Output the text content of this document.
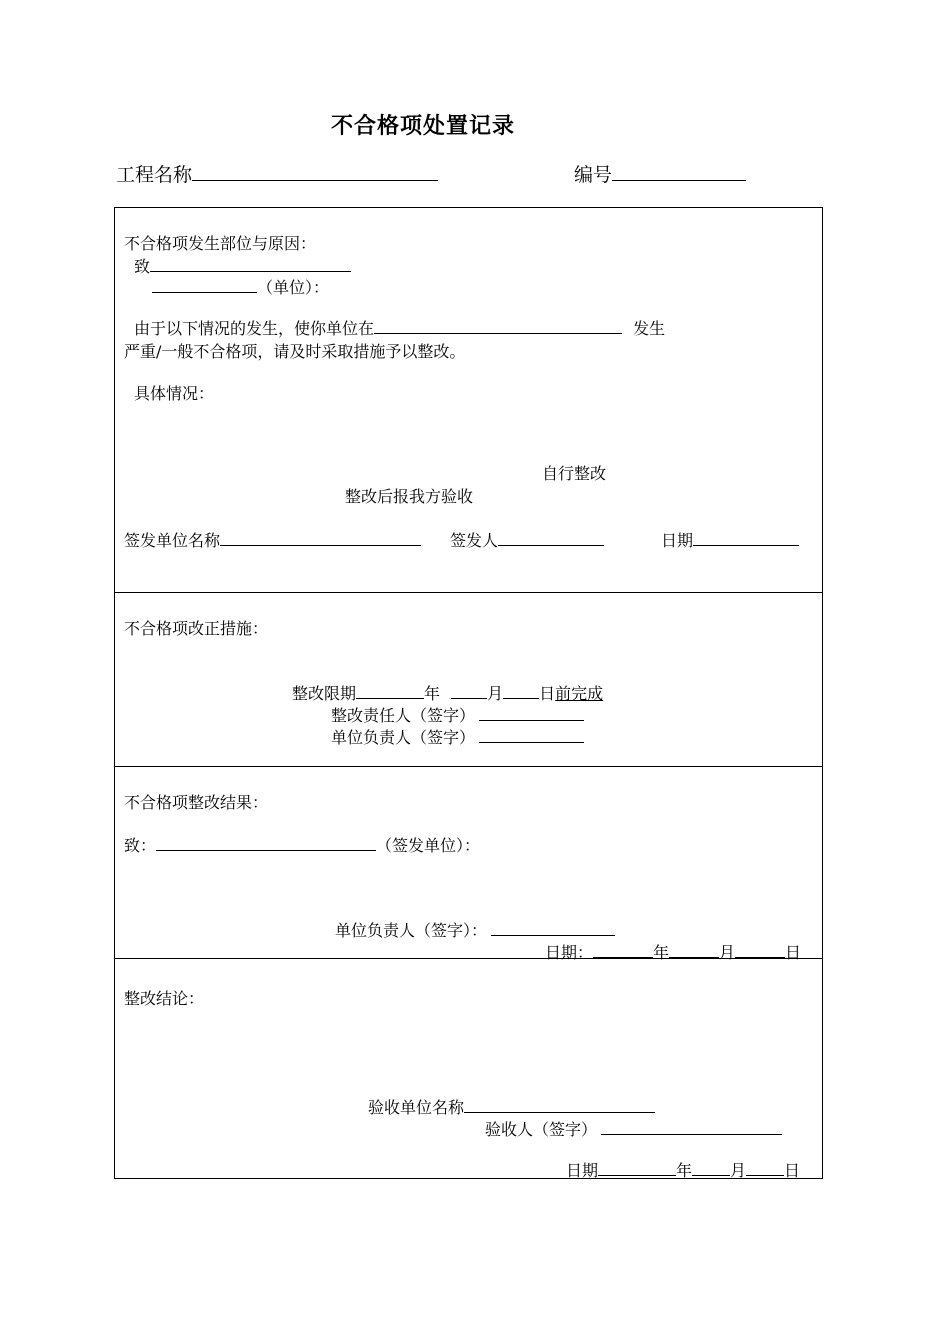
不合格项处置记录
工程名称	编号
不合格项发生部位与原因：
致
（单位）：
由于以下情况的发生，使你单位在	发生
严重/一般不合格项，请及时采取措施予以整改。
具体情况：
自行整改
整改后报我方验收
签发单位名称	签发人	日期
不合格项改正措施：
整改限期	年	月 日前完成
整改责任人（签字）
单位负责人（签字）
不合格项整改结果：
致：	（签发单位）：
单位负责人（签字）：
日期：	年	月	日
整改结论：
验收单位名称
验收人（签字）
日期	年 月 日
